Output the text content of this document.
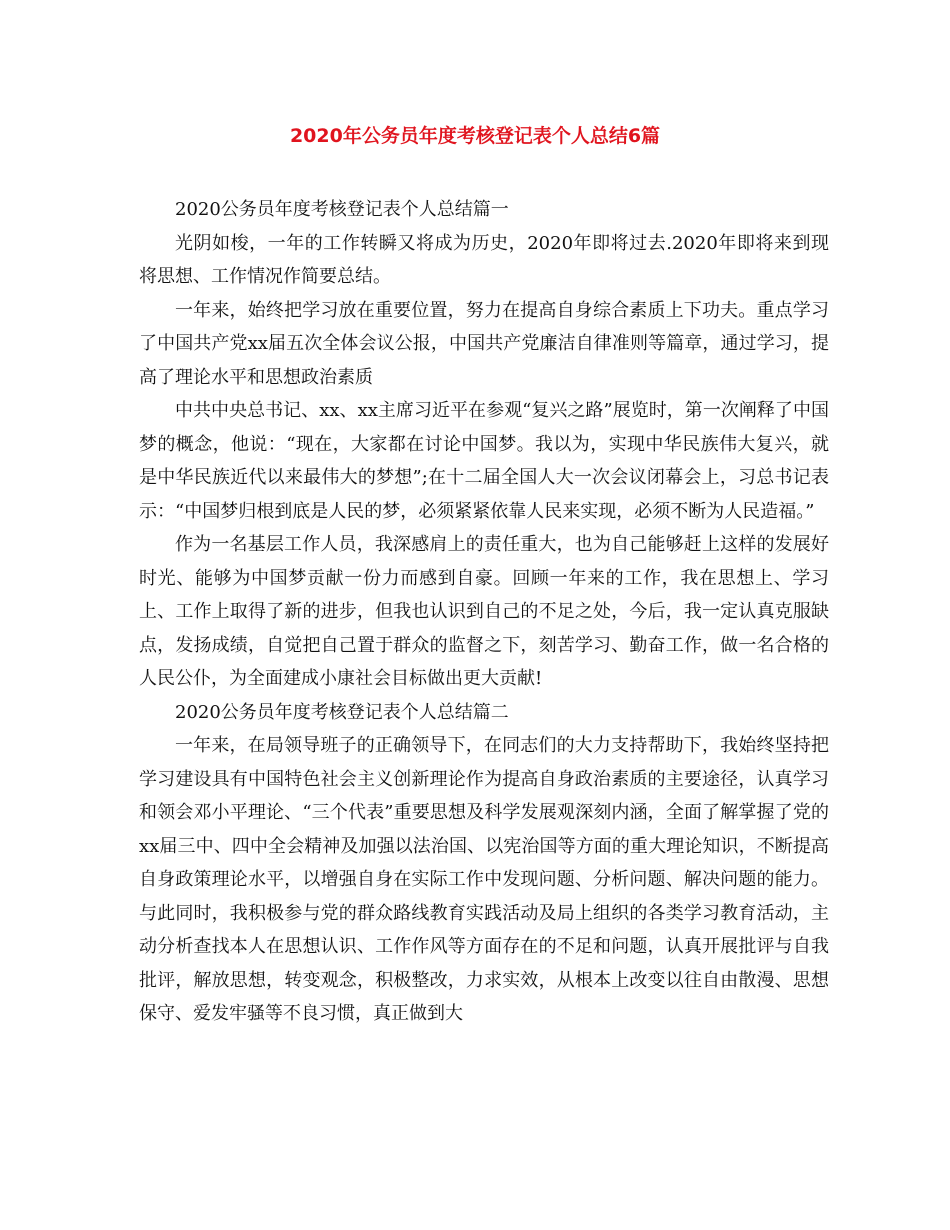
2020年公务员年度考核登记表个人总结6篇

2020公务员年度考核登记表个人总结篇一

光阴如梭，一年的工作转瞬又将成为历史，2020年即将过去.2020年即将来到现将思想、工作情况作简要总结。

一年来，始终把学习放在重要位置，努力在提高自身综合素质上下功夫。重点学习了中国共产党xx届五次全体会议公报，中国共产党廉洁自律准则等篇章，通过学习，提高了理论水平和思想政治素质

中共中央总书记、xx、xx主席习近平在参观“复兴之路”展览时，第一次阐释了中国梦的概念，他说：“现在，大家都在讨论中国梦。我以为，实现中华民族伟大复兴，就是中华民族近代以来最伟大的梦想”;在十二届全国人大一次会议闭幕会上，习总书记表示：“中国梦归根到底是人民的梦，必须紧紧依靠人民来实现，必须不断为人民造福。”

作为一名基层工作人员，我深感肩上的责任重大，也为自己能够赶上这样的发展好时光、能够为中国梦贡献一份力而感到自豪。回顾一年来的工作，我在思想上、学习上、工作上取得了新的进步，但我也认识到自己的不足之处，今后，我一定认真克服缺点，发扬成绩，自觉把自己置于群众的监督之下，刻苦学习、勤奋工作，做一名合格的人民公仆，为全面建成小康社会目标做出更大贡献!

2020公务员年度考核登记表个人总结篇二

一年来，在局领导班子的正确领导下，在同志们的大力支持帮助下，我始终坚持把学习建设具有中国特色社会主义创新理论作为提高自身政治素质的主要途径，认真学习和领会邓小平理论、“三个代表”重要思想及科学发展观深刻内涵，全面了解掌握了党的xx届三中、四中全会精神及加强以法治国、以宪治国等方面的重大理论知识，不断提高自身政策理论水平，以增强自身在实际工作中发现问题、分析问题、解决问题的能力。与此同时，我积极参与党的群众路线教育实践活动及局上组织的各类学习教育活动，主动分析查找本人在思想认识、工作作风等方面存在的不足和问题，认真开展批评与自我批评，解放思想，转变观念，积极整改，力求实效，从根本上改变以往自由散漫、思想保守、爱发牢骚等不良习惯，真正做到大
